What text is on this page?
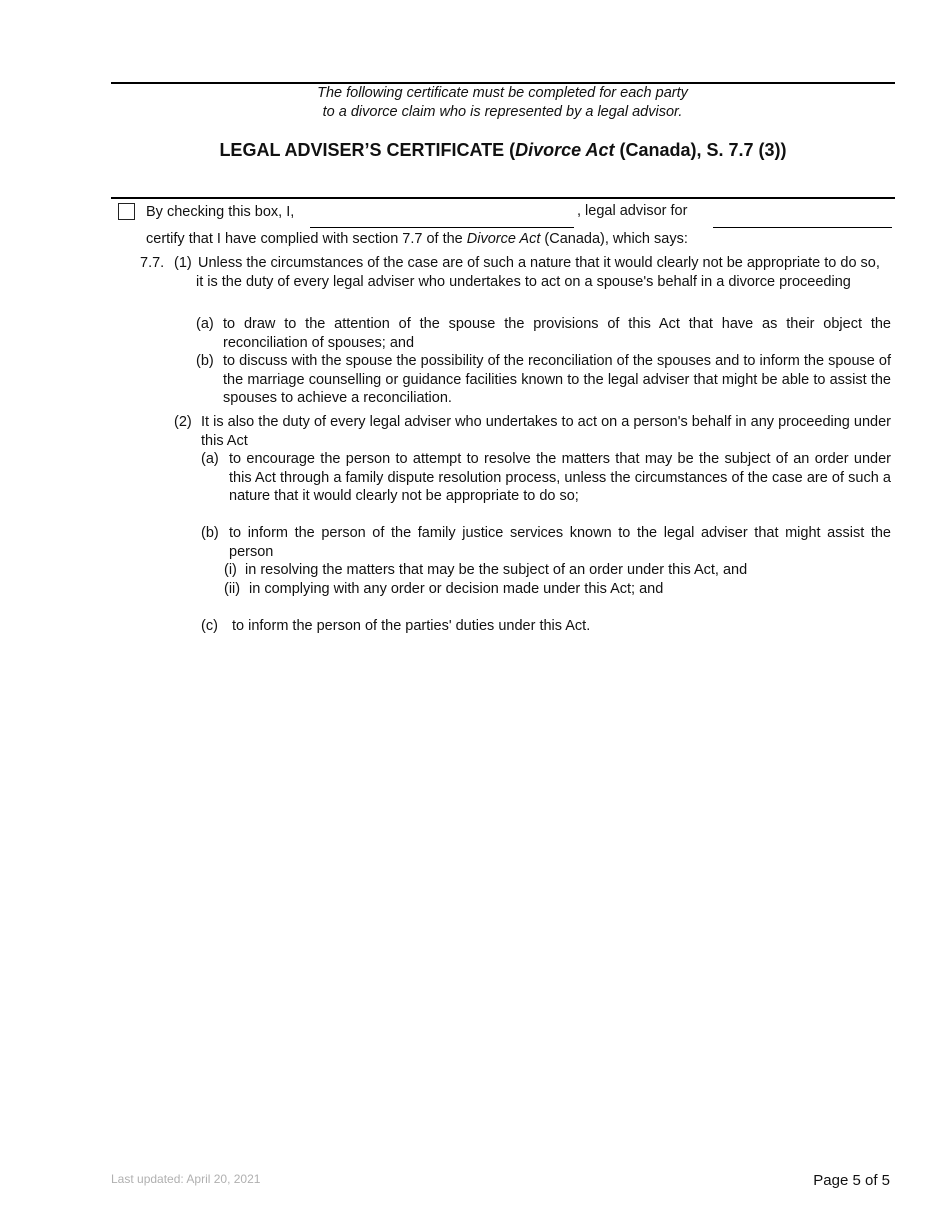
The following certificate must be completed for each party
to a divorce claim who is represented by a legal advisor.
LEGAL ADVISER’S CERTIFICATE (Divorce Act (Canada), S. 7.7 (3))
By checking this box, I,	, legal advisor for
certify that I have complied with section 7.7 of the Divorce Act (Canada), which says:
7.7. (1) Unless the circumstances of the case are of such a nature that it would clearly not be appropriate to do so, it is the duty of every legal adviser who undertakes to act on a spouse's behalf in a divorce proceeding
(a) to draw to the attention of the spouse the provisions of this Act that have as their object the reconciliation of spouses; and
(b) to discuss with the spouse the possibility of the reconciliation of the spouses and to inform the spouse of the marriage counselling or guidance facilities known to the legal adviser that might be able to assist the spouses to achieve a reconciliation.
(2) It is also the duty of every legal adviser who undertakes to act on a person's behalf in any proceeding under this Act
(a) to encourage the person to attempt to resolve the matters that may be the subject of an order under this Act through a family dispute resolution process, unless the circumstances of the case are of such a nature that it would clearly not be appropriate to do so;
(b) to inform the person of the family justice services known to the legal adviser that might assist the person
(i) in resolving the matters that may be the subject of an order under this Act, and
(ii) in complying with any order or decision made under this Act; and
(c) to inform the person of the parties' duties under this Act.
Last updated: April 20, 2021	Page 5 of 5
